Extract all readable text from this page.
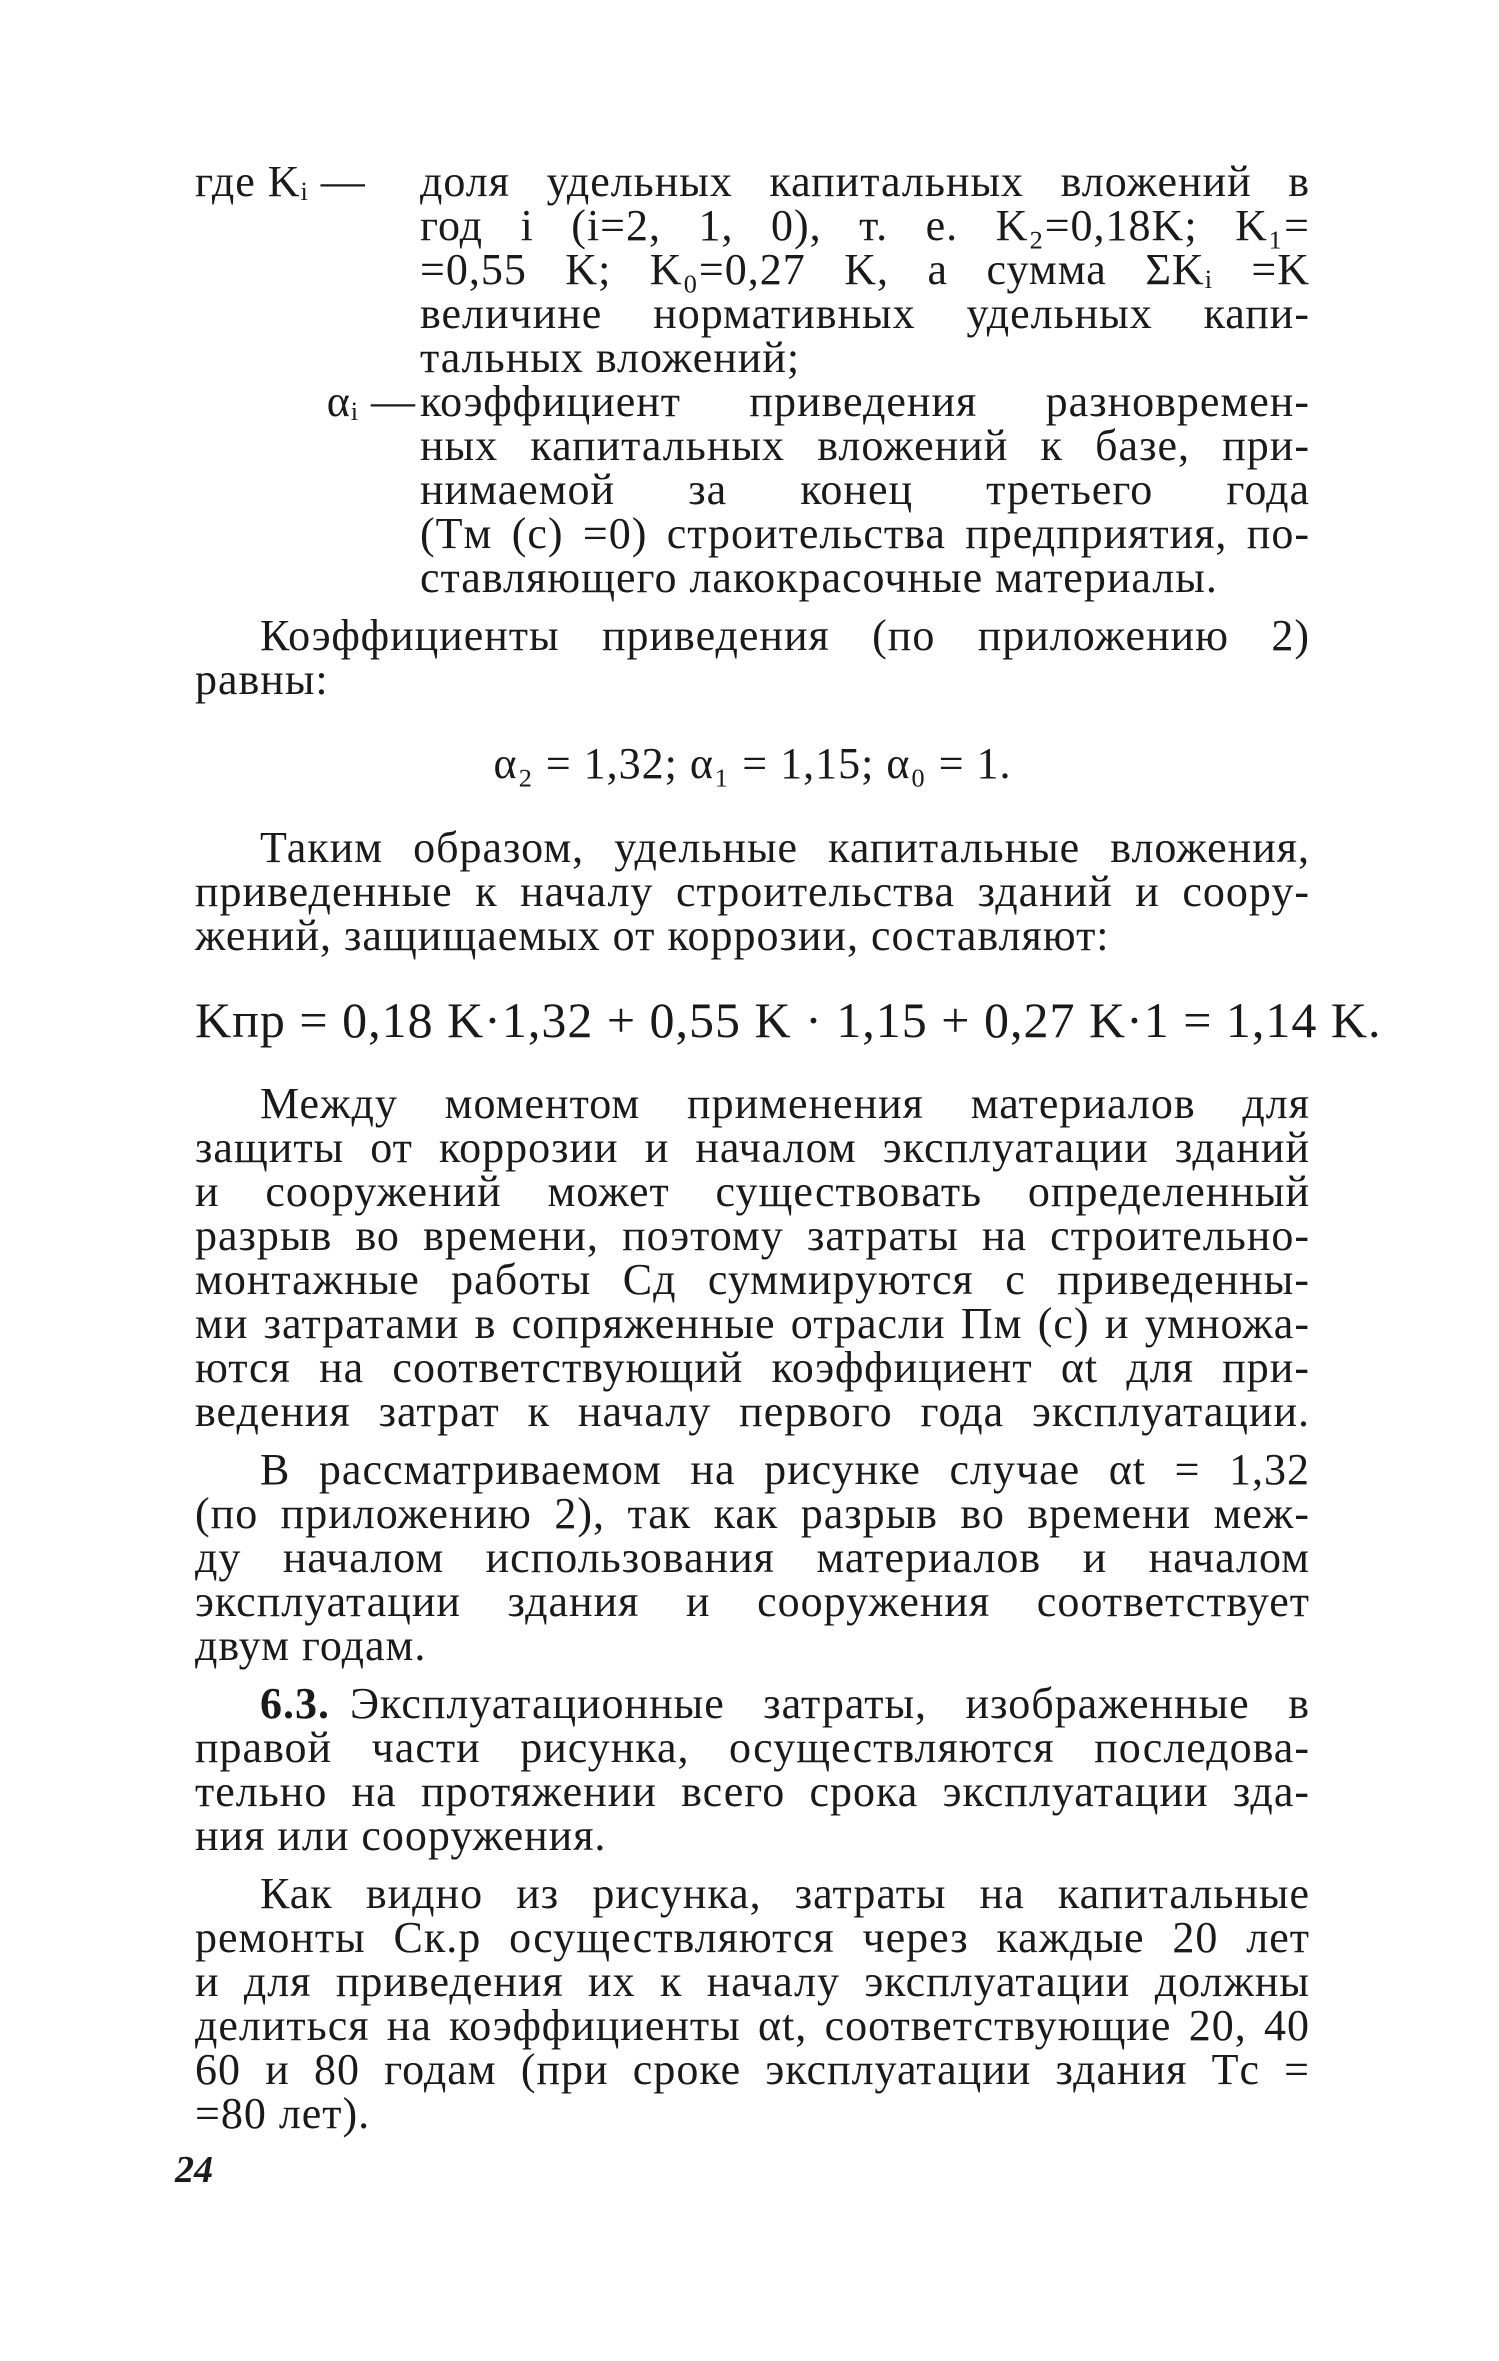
где Kᵢ —	доля удельных капитальных вложений в
год i (i=2, 1, 0), т. е. K₂=0,18K; K₁=
=0,55 K; K₀=0,27 K, а сумма ΣKᵢ =K
величине нормативных удельных капи-
тальных вложений;
αᵢ — коэффициент приведения разновремен-
ных капитальных вложений к базе, при-
нимаемой за конец третьего года
(Tм (с) =0) строительства предприятия, по-
ставляющего лакокрасочные материалы.
Коэффициенты приведения (по приложению 2)
равны:
α₂ = 1,32; α₁ = 1,15; α₀ = 1.
Таким образом, удельные капитальные вложения,
приведенные к началу строительства зданий и соору-
жений, защищаемых от коррозии, составляют:
Kпр = 0,18 K·1,32 + 0,55 K · 1,15 + 0,27 K·1 = 1,14 K.
Между моментом применения материалов для
защиты от коррозии и началом эксплуатации зданий
и сооружений может существовать определенный
разрыв во времени, поэтому затраты на строительно-
монтажные работы Cд суммируются с приведенны-
ми затратами в сопряженные отрасли Пм (с) и умножа-
ются на соответствующий коэффициент αt для при-
ведения затрат к началу первого года эксплуатации.
В рассматриваемом на рисунке случае αt = 1,32
(по приложению 2), так как разрыв во времени меж-
ду началом использования материалов и началом
эксплуатации здания и сооружения соответствует
двум годам.
6.3. Эксплуатационные затраты, изображенные в
правой части рисунка, осуществляются последова-
тельно на протяжении всего срока эксплуатации зда-
ния или сооружения.
Как видно из рисунка, затраты на капитальные
ремонты Cк.р осуществляются через каждые 20 лет
и для приведения их к началу эксплуатации должны
делиться на коэффициенты αt, соответствующие 20, 40
60 и 80 годам (при сроке эксплуатации здания Tс =
=80 лет).
24
